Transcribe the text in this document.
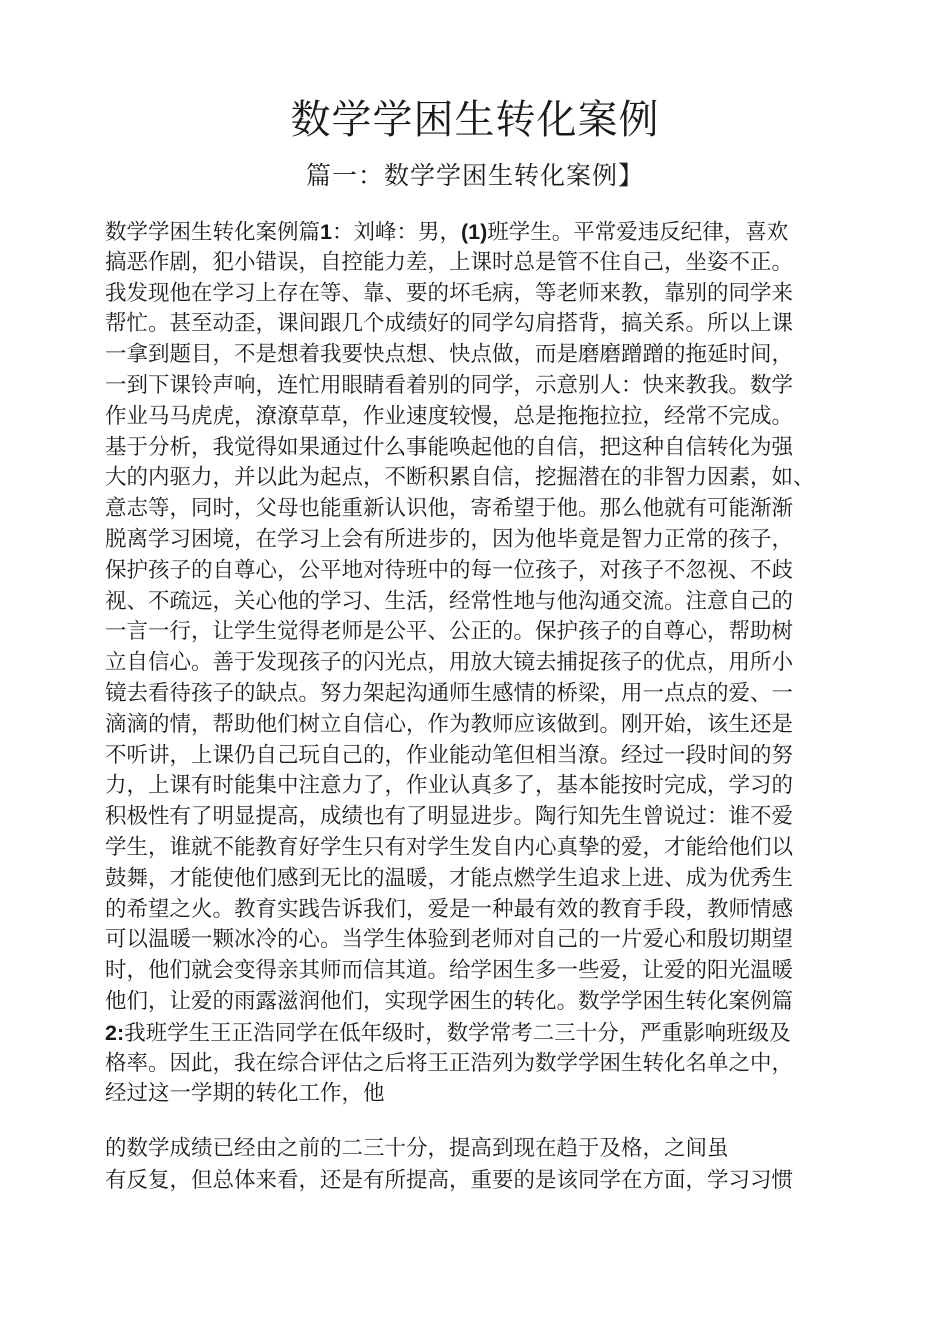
数学学困生转化案例
篇一：数学学困生转化案例】
数学学困生转化案例篇1：刘峰：男，(1)班学生。平常爱违反纪律，喜欢
搞恶作剧，犯小错误，自控能力差，上课时总是管不住自己，坐姿不正。
我发现他在学习上存在等、靠、要的坏毛病，等老师来教，靠别的同学来
帮忙。甚至动歪，课间跟几个成绩好的同学勾肩搭背，搞关系。所以上课
一拿到题目，不是想着我要快点想、快点做，而是磨磨蹭蹭的拖延时间，
一到下课铃声响，连忙用眼睛看着别的同学，示意别人：快来教我。数学
作业马马虎虎，潦潦草草，作业速度较慢，总是拖拖拉拉，经常不完成。
基于分析，我觉得如果通过什么事能唤起他的自信，把这种自信转化为强
大的内驱力，并以此为起点，不断积累自信，挖掘潜在的非智力因素，如、
意志等，同时，父母也能重新认识他，寄希望于他。那么他就有可能渐渐
脱离学习困境，在学习上会有所进步的，因为他毕竟是智力正常的孩子，
保护孩子的自尊心，公平地对待班中的每一位孩子，对孩子不忽视、不歧
视、不疏远，关心他的学习、生活，经常性地与他沟通交流。注意自己的
一言一行，让学生觉得老师是公平、公正的。保护孩子的自尊心，帮助树
立自信心。善于发现孩子的闪光点，用放大镜去捕捉孩子的优点，用所小
镜去看待孩子的缺点。努力架起沟通师生感情的桥梁，用一点点的爱、一
滴滴的情，帮助他们树立自信心，作为教师应该做到。刚开始，该生还是
不听讲，上课仍自己玩自己的，作业能动笔但相当潦。经过一段时间的努
力，上课有时能集中注意力了，作业认真多了，基本能按时完成，学习的
积极性有了明显提高，成绩也有了明显进步。陶行知先生曾说过：谁不爱
学生，谁就不能教育好学生只有对学生发自内心真挚的爱，才能给他们以
鼓舞，才能使他们感到无比的温暖，才能点燃学生追求上进、成为优秀生
的希望之火。教育实践告诉我们，爱是一种最有效的教育手段，教师情感
可以温暖一颗冰冷的心。当学生体验到老师对自己的一片爱心和殷切期望
时，他们就会变得亲其师而信其道。给学困生多一些爱，让爱的阳光温暖
他们，让爱的雨露滋润他们，实现学困生的转化。数学学困生转化案例篇
2:我班学生王正浩同学在低年级时，数学常考二三十分，严重影响班级及
格率。因此，我在综合评估之后将王正浩列为数学学困生转化名单之中，
经过这一学期的转化工作，他
的数学成绩已经由之前的二三十分，提高到现在趋于及格，之间虽
有反复，但总体来看，还是有所提高，重要的是该同学在方面，学习习惯
